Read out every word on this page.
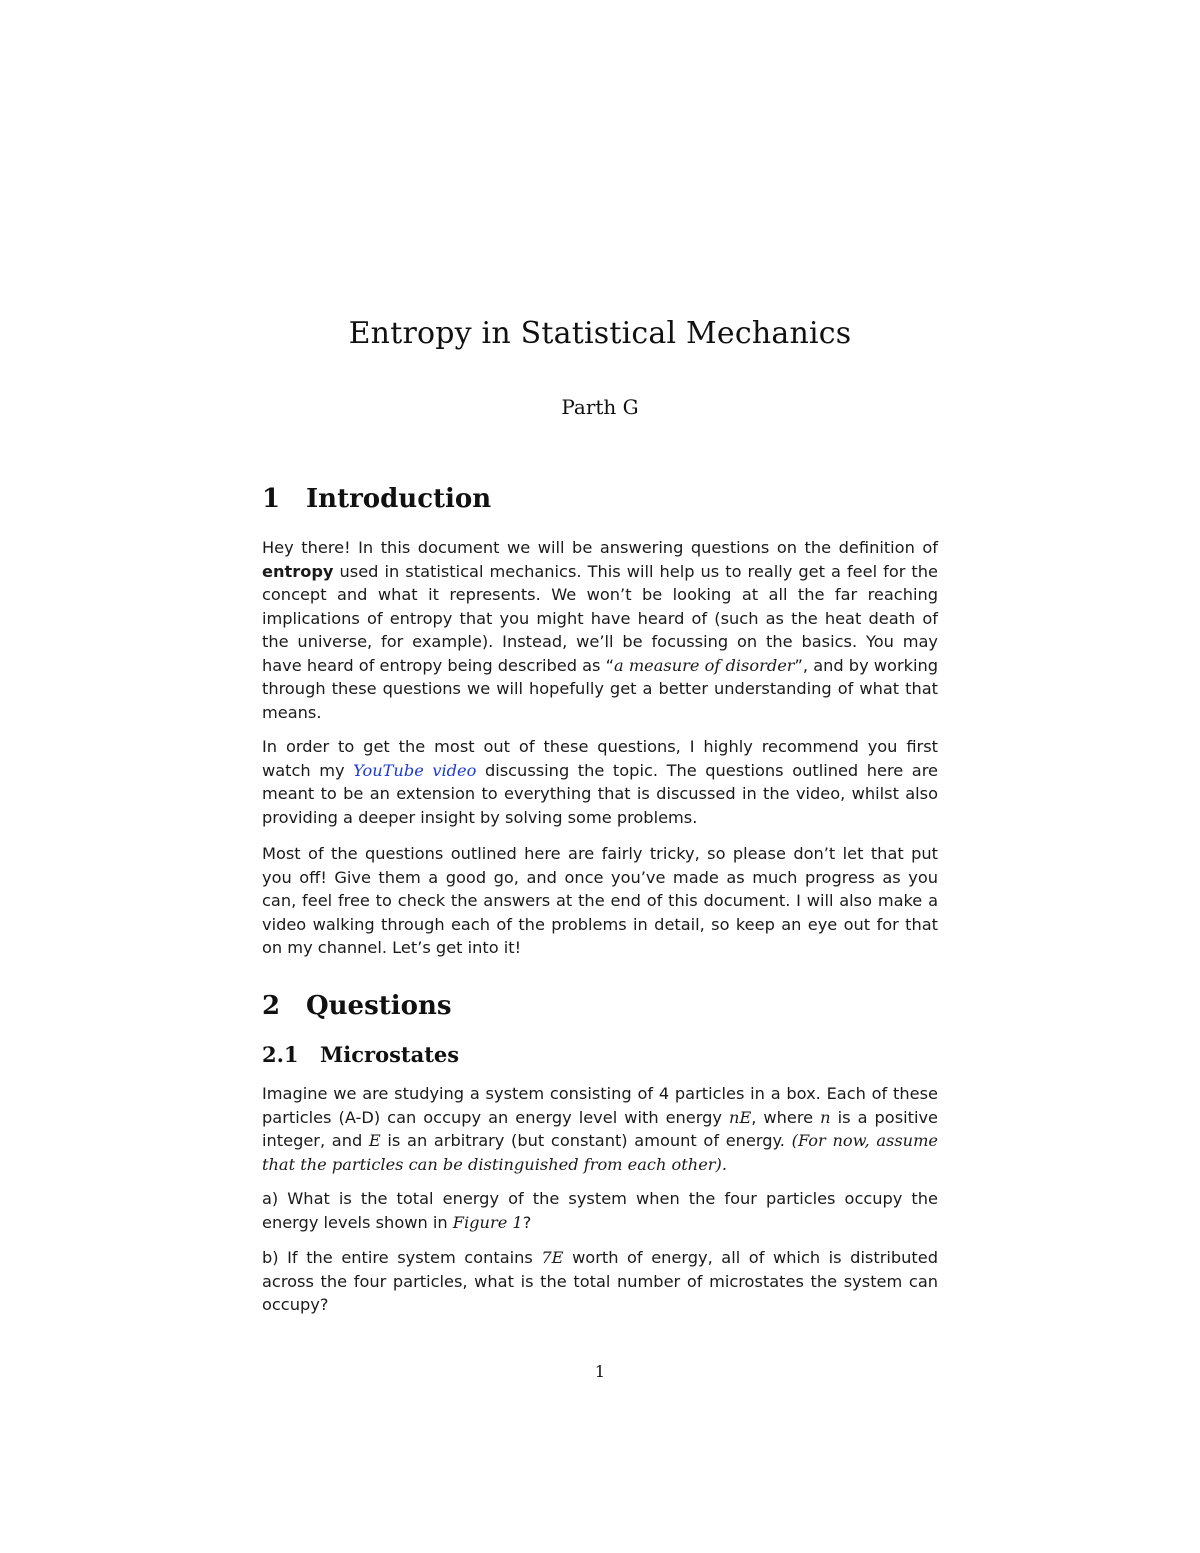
Entropy in Statistical Mechanics
Parth G
1 Introduction

Hey there! In this document we will be answering questions on the definition of entropy used in statistical mechanics. This will help us to really get a feel for the concept and what it represents. We won’t be looking at all the far reaching implications of entropy that you might have heard of (such as the heat death of the universe, for example). Instead, we’ll be focussing on the basics. You may have heard of entropy being described as “a measure of disorder”, and by working through these questions we will hopefully get a better understanding of what that means.

In order to get the most out of these questions, I highly recommend you first watch my YouTube video discussing the topic. The questions outlined here are meant to be an extension to everything that is discussed in the video, whilst also providing a deeper insight by solving some problems.

Most of the questions outlined here are fairly tricky, so please don’t let that put you off! Give them a good go, and once you’ve made as much progress as you can, feel free to check the answers at the end of this document. I will also make a video walking through each of the problems in detail, so keep an eye out for that on my channel. Let’s get into it!

2 Questions
2.1 Microstates

Imagine we are studying a system consisting of 4 particles in a box. Each of these particles (A-D) can occupy an energy level with energy nE, where n is a positive integer, and E is an arbitrary (but constant) amount of energy. (For now, assume that the particles can be distinguished from each other).

a) What is the total energy of the system when the four particles occupy the energy levels shown in Figure 1?

b) If the entire system contains 7E worth of energy, all of which is distributed across the four particles, what is the total number of microstates the system can occupy?

1
